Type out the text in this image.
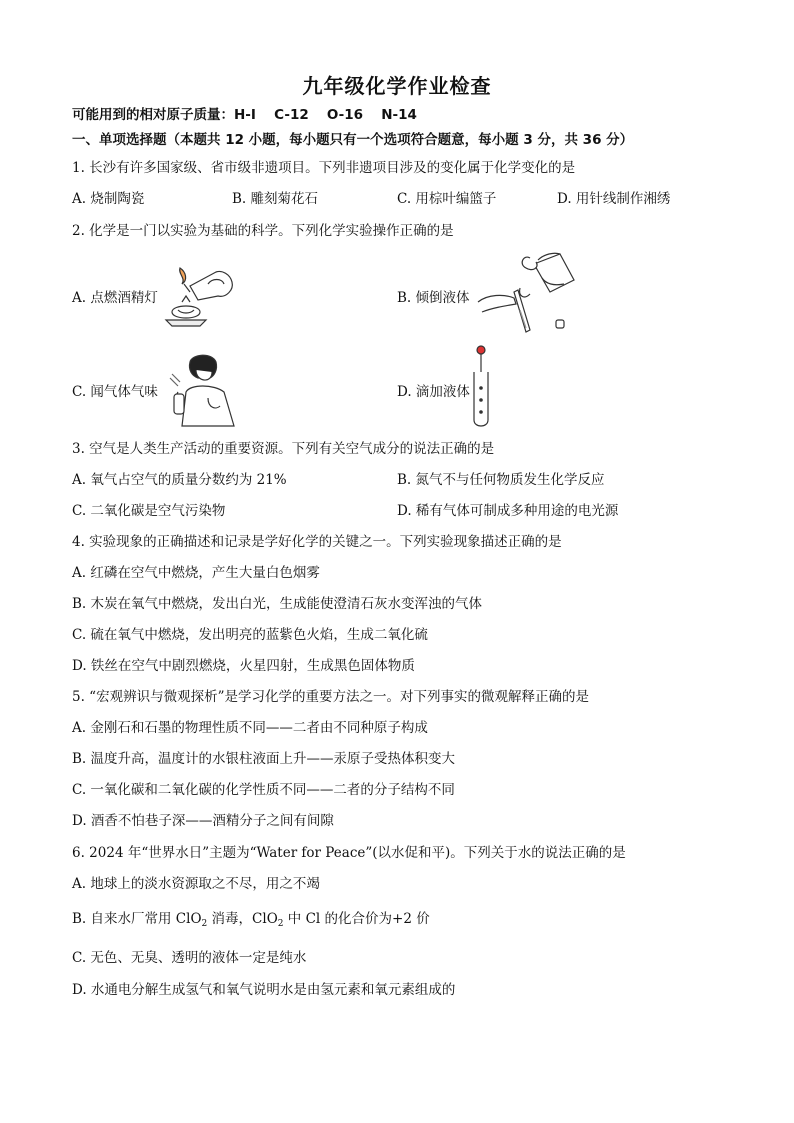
九年级化学作业检查
可能用到的相对原子质量：H-I　 C-12 　O-16　 N-14
一、单项选择题（本题共 12 小题，每小题只有一个选项符合题意，每小题 3 分，共 36 分）
1. 长沙有许多国家级、省市级非遗项目。下列非遗项目涉及的变化属于化学变化的是
A. 烧制陶瓷	B. 雕刻菊花石	C. 用棕叶编篮子	D. 用针线制作湘绣
2. 化学是一门以实验为基础的科学。下列化学实验操作正确的是
A. 点燃酒精灯	B. 倾倒液体
C. 闻气体气味	D. 滴加液体
3. 空气是人类生产活动的重要资源。下列有关空气成分的说法正确的是
A. 氧气占空气的质量分数约为 21%	B. 氮气不与任何物质发生化学反应
C. 二氧化碳是空气污染物	D. 稀有气体可制成多种用途的电光源
4. 实验现象的正确描述和记录是学好化学的关键之一。下列实验现象描述正确的是
A. 红磷在空气中燃烧，产生大量白色烟雾
B. 木炭在氧气中燃烧，发出白光，生成能使澄清石灰水变浑浊的气体
C. 硫在氧气中燃烧，发出明亮的蓝紫色火焰，生成二氧化硫
D. 铁丝在空气中剧烈燃烧，火星四射，生成黑色固体物质
5. “宏观辨识与微观探析”是学习化学的重要方法之一。对下列事实的微观解释正确的是
A. 金刚石和石墨的物理性质不同——二者由不同种原子构成
B. 温度升高，温度计的水银柱液面上升——汞原子受热体积变大
C. 一氧化碳和二氧化碳的化学性质不同——二者的分子结构不同
D. 酒香不怕巷子深——酒精分子之间有间隙
6. 2024 年“世界水日”主题为“Water for Peace”(以水促和平)。下列关于水的说法正确的是
A. 地球上的淡水资源取之不尽，用之不竭
B. 自来水厂常用 ClO$_2$ 消毒，ClO$_2$ 中 Cl 的化合价为+2 价
C. 无色、无臭、透明的液体一定是纯水
D. 水通电分解生成氢气和氧气说明水是由氢元素和氧元素组成的
